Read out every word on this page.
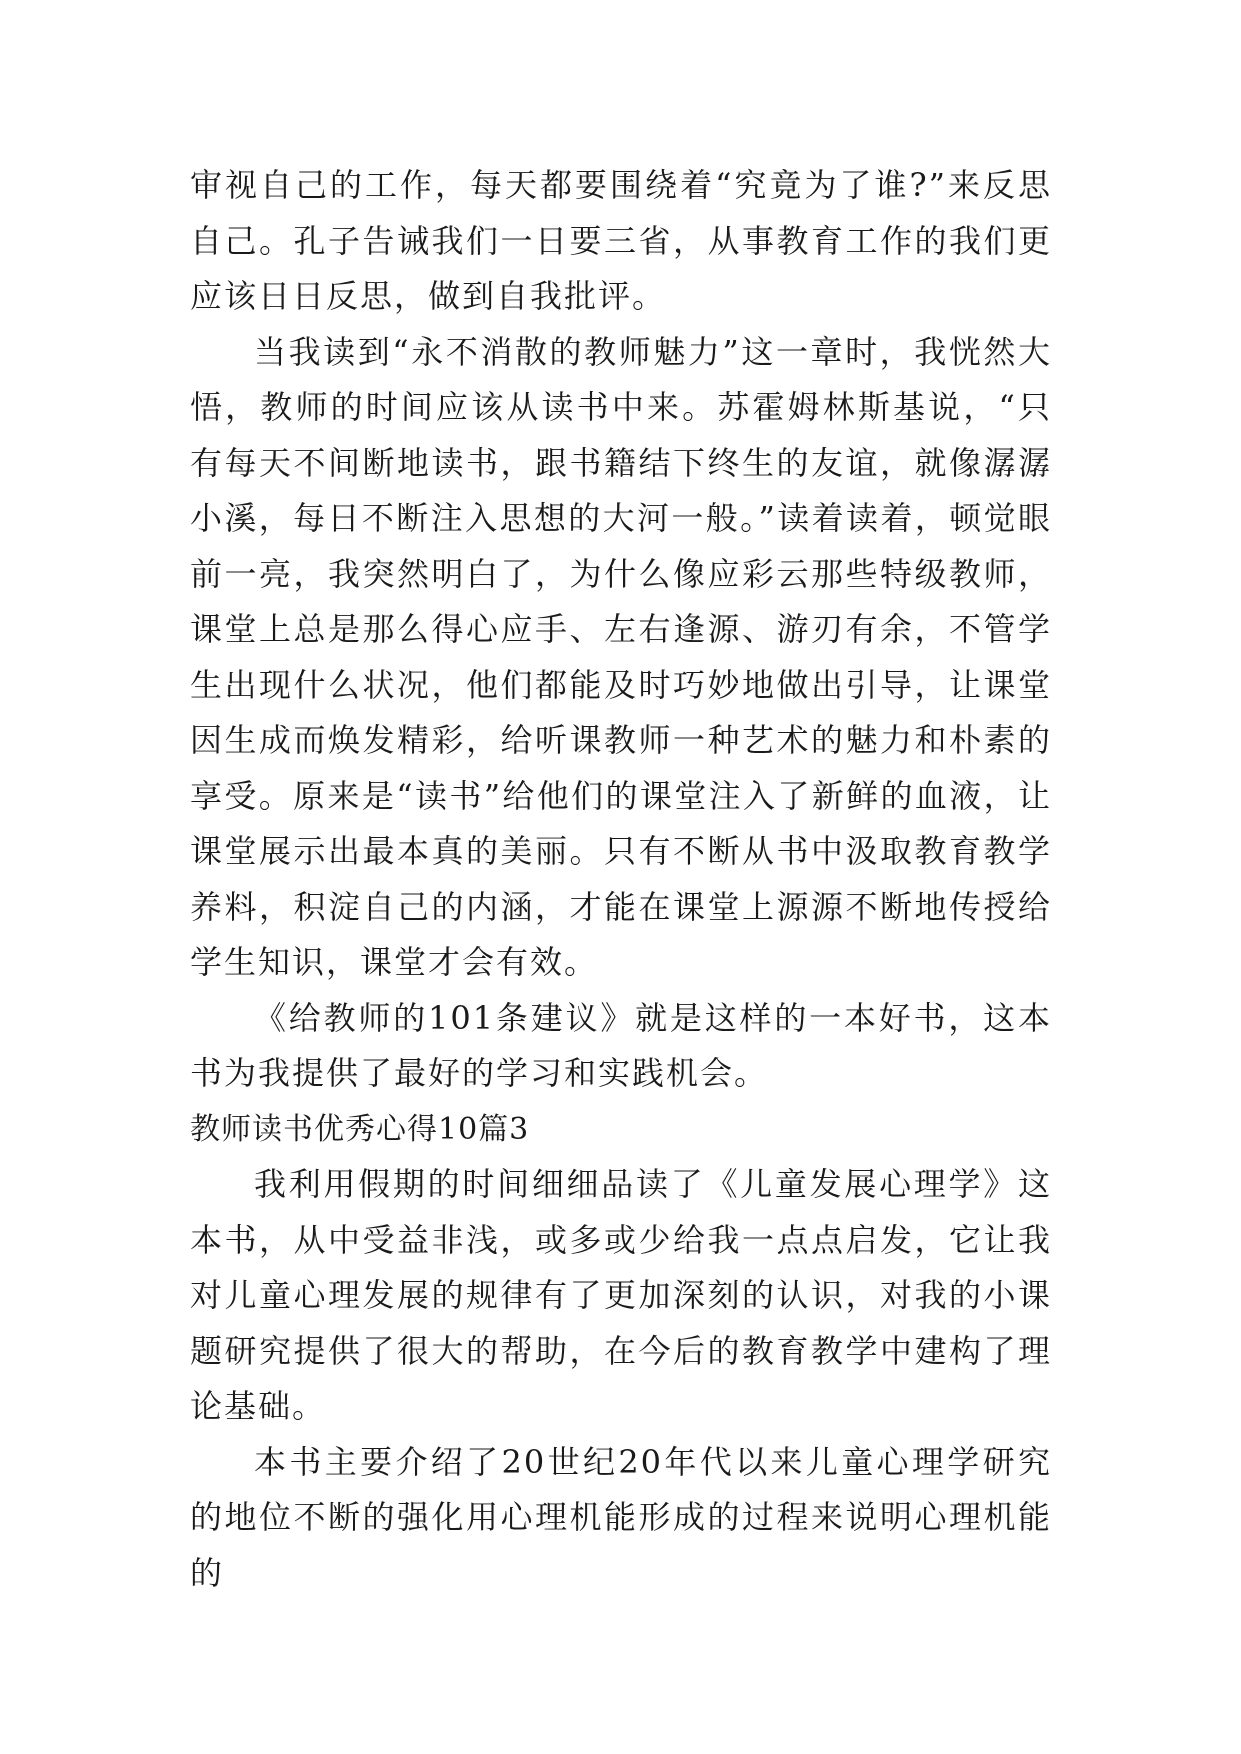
审视自己的工作，每天都要围绕着“究竟为了谁?”来反思自己。孔子告诫我们一日要三省，从事教育工作的我们更应该日日反思，做到自我批评。

当我读到“永不消散的教师魅力”这一章时，我恍然大悟，教师的时间应该从读书中来。苏霍姆林斯基说，“只有每天不间断地读书，跟书籍结下终生的友谊，就像潺潺小溪，每日不断注入思想的大河一般。”读着读着，顿觉眼前一亮，我突然明白了，为什么像应彩云那些特级教师，课堂上总是那么得心应手、左右逢源、游刃有余，不管学生出现什么状况，他们都能及时巧妙地做出引导，让课堂因生成而焕发精彩，给听课教师一种艺术的魅力和朴素的享受。原来是“读书”给他们的课堂注入了新鲜的血液，让课堂展示出最本真的美丽。只有不断从书中汲取教育教学养料，积淀自己的内涵，才能在课堂上源源不断地传授给学生知识，课堂才会有效。

《给教师的101条建议》就是这样的一本好书，这本书为我提供了最好的学习和实践机会。

教师读书优秀心得10篇3

我利用假期的时间细细品读了《儿童发展心理学》这本书，从中受益非浅，或多或少给我一点点启发，它让我对儿童心理发展的规律有了更加深刻的认识，对我的小课题研究提供了很大的帮助，在今后的教育教学中建构了理论基础。

本书主要介绍了20世纪20年代以来儿童心理学研究的地位不断的强化用心理机能形成的过程来说明心理机能的
